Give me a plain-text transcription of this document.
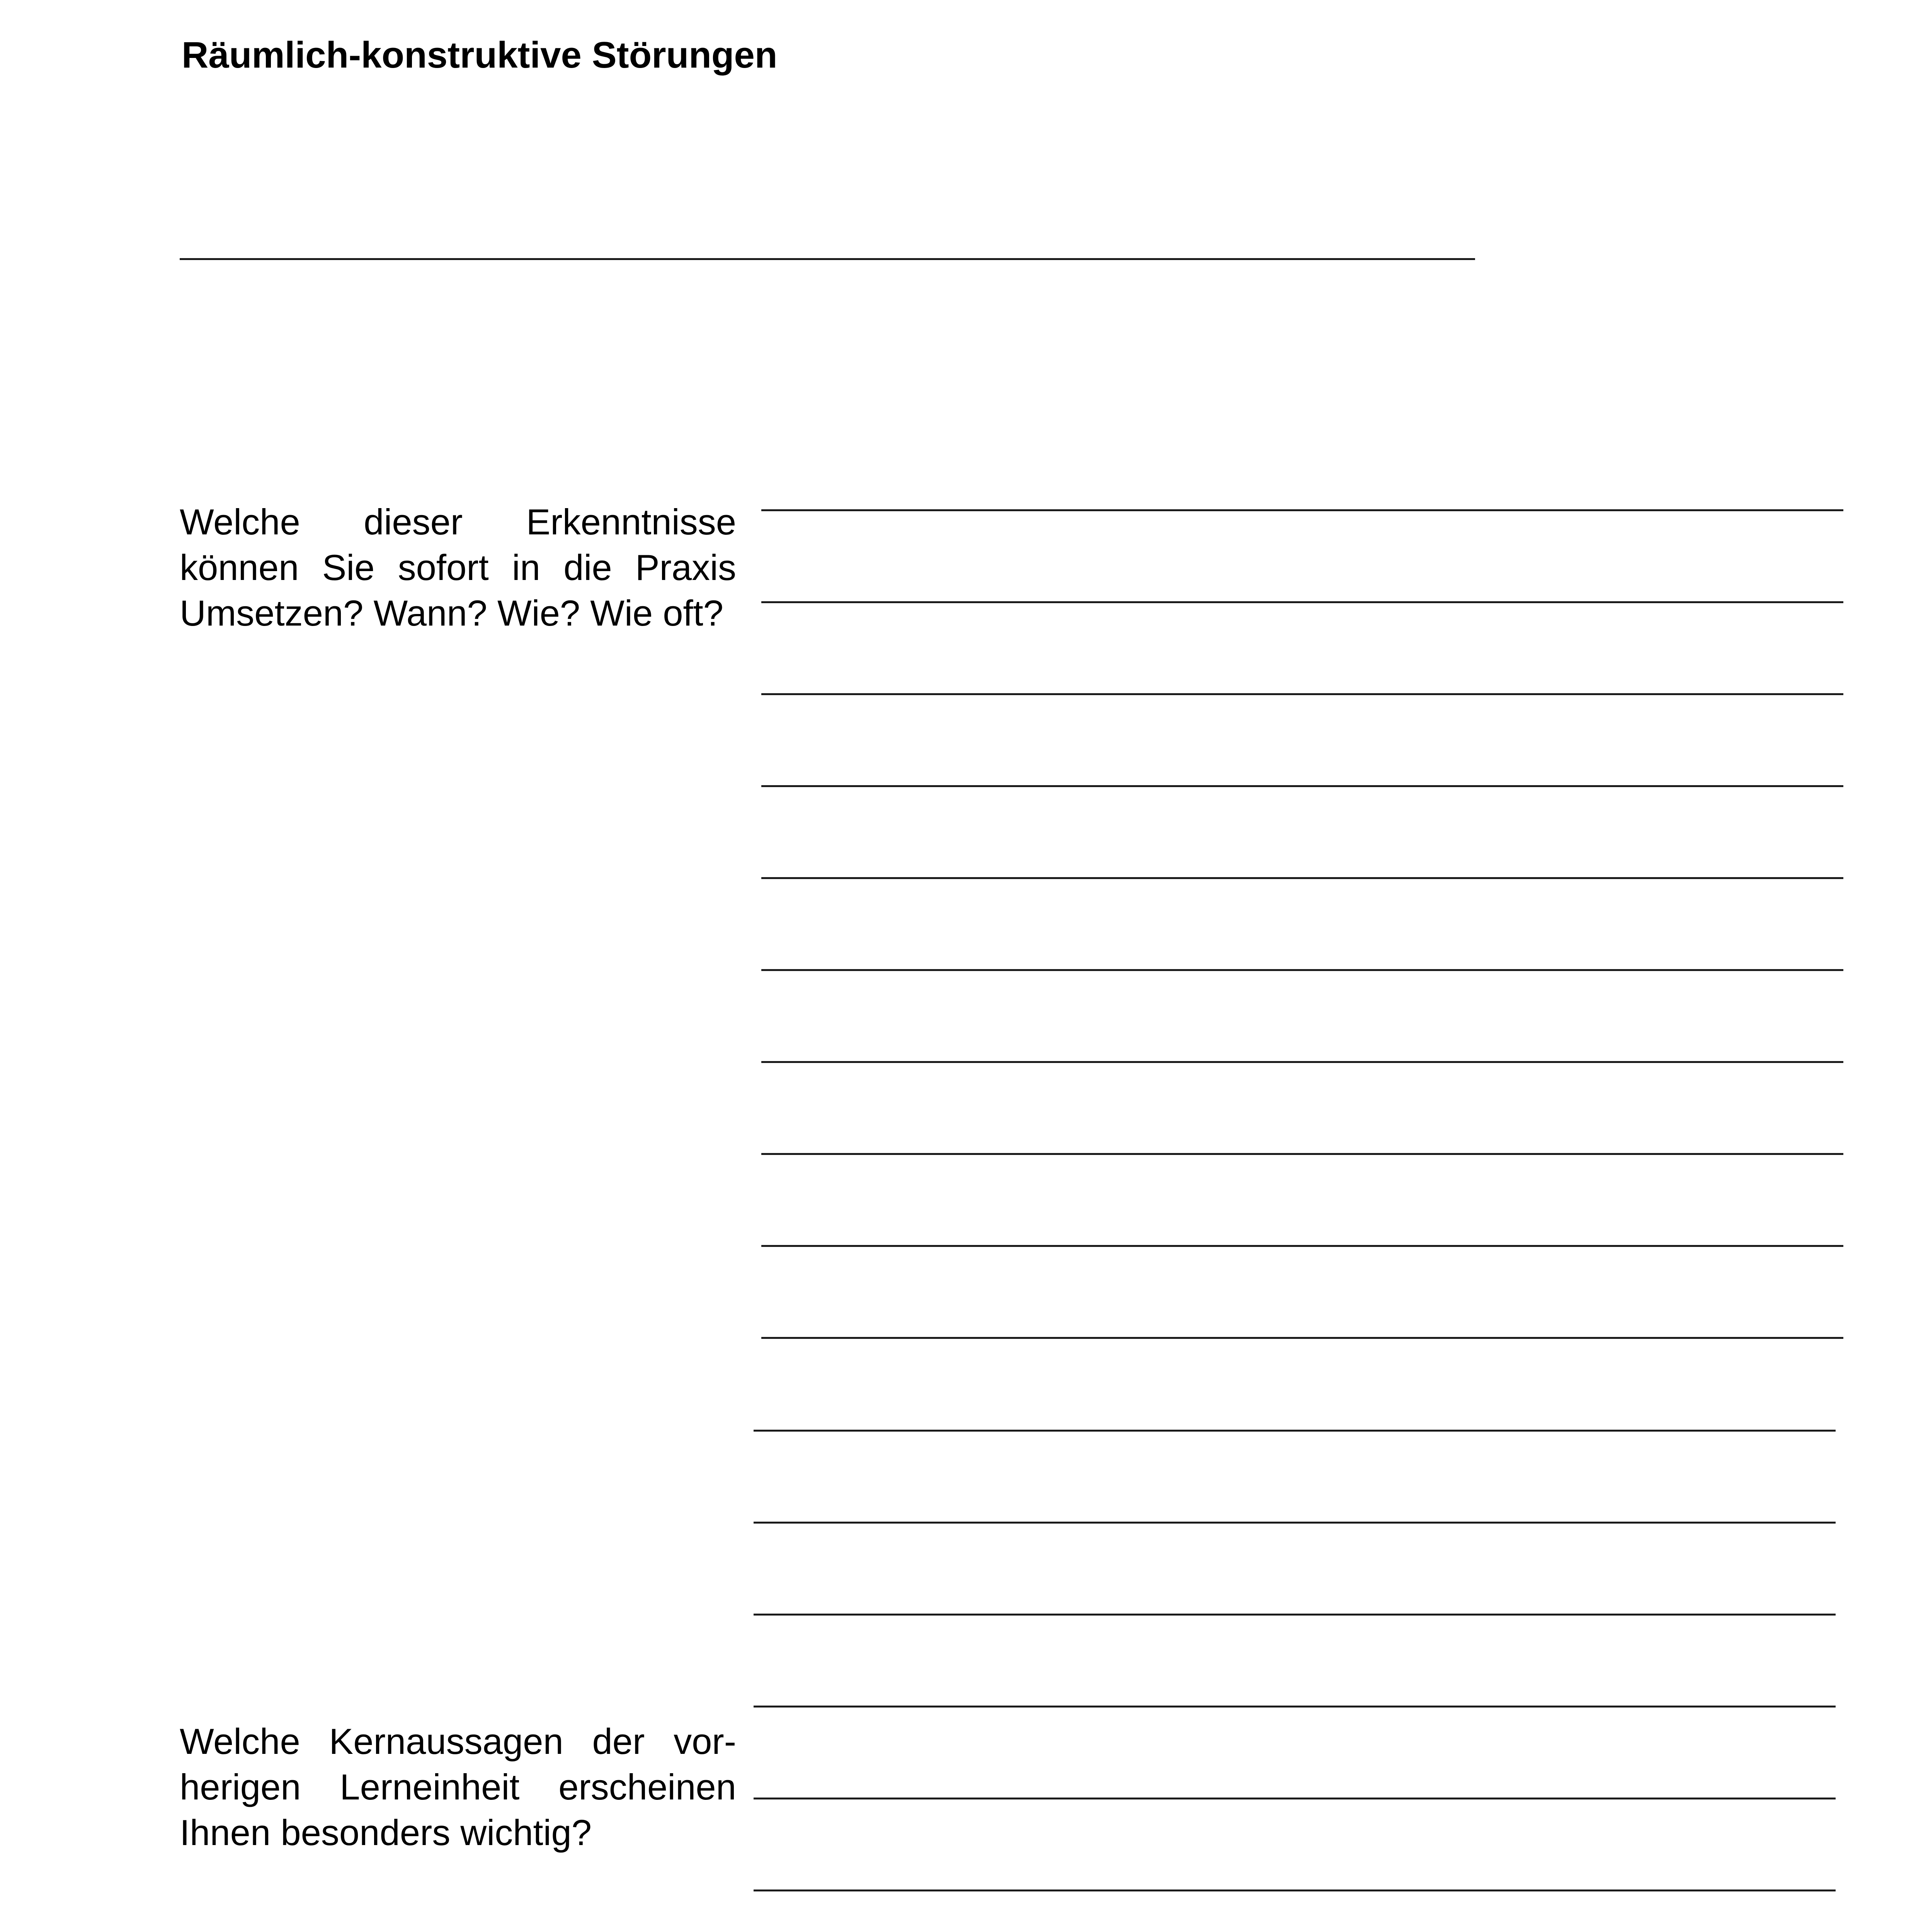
Räumlich-konstruktive Störungen
Welche dieser Erkenntnisse können Sie sofort in die Praxis Umsetzen? Wann? Wie? Wie oft?
Welche Kernaussagen der vorherigen Lerneinheit erscheinen Ihnen besonders wichtig?
